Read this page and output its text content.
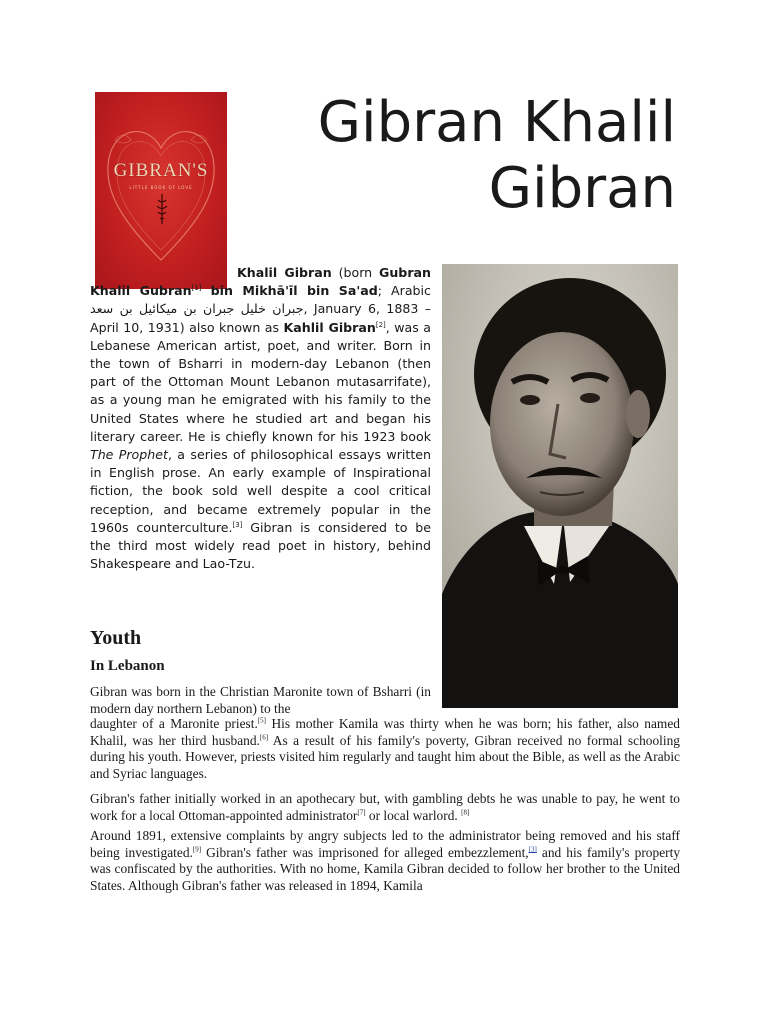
GIBRAN'S
LITTLE BOOK OF LOVE
Gibran Khalil
Gibran

Khalil Gibran (born Gubran Khalil Gubran[1] bin Mikhā'īl bin Sa'ad; Arabic جبران خليل جبران بن ميكائيل بن سعد, January 6, 1883 – April 10, 1931) also known as Kahlil Gibran[2], was a Lebanese American artist, poet, and writer. Born in the town of Bsharri in modern-day Lebanon (then part of the Ottoman Mount Lebanon mutasarrifate), as a young man he emigrated with his family to the United States where he studied art and began his literary career. He is chiefly known for his 1923 book The Prophet, a series of philosophical essays written in English prose. An early example of Inspirational fiction, the book sold well despite a cool critical reception, and became extremely popular in the 1960s counterculture.[3] Gibran is considered to be the third most widely read poet in history, behind Shakespeare and Lao-Tzu.

Youth
In Lebanon

Gibran was born in the Christian Maronite town of Bsharri (in modern day northern Lebanon) to the

daughter of a Maronite priest.[5] His mother Kamila was thirty when he was born; his father, also named Khalil, was her third husband.[6] As a result of his family's poverty, Gibran received no formal schooling during his youth. However, priests visited him regularly and taught him about the Bible, as well as the Arabic and Syriac languages.

Gibran's father initially worked in an apothecary but, with gambling debts he was unable to pay, he went to work for a local Ottoman-appointed administrator[7] or local warlord. [8]

Around 1891, extensive complaints by angry subjects led to the administrator being removed and his staff being investigated.[9] Gibran's father was imprisoned for alleged embezzlement,[3] and his family's property was confiscated by the authorities. With no home, Kamila Gibran decided to follow her brother to the United States. Although Gibran's father was released in 1894, Kamila
